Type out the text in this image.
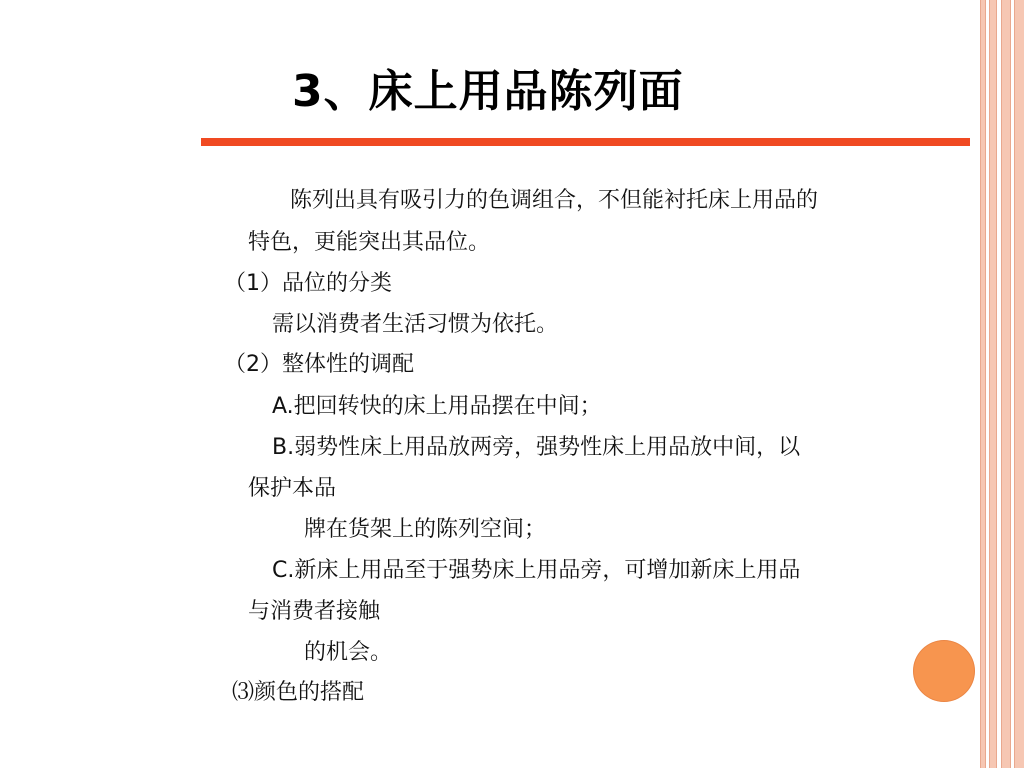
3、床上用品陈列面
陈列出具有吸引力的色调组合，不但能衬托床上用品的
特色，更能突出其品位。
（1）品位的分类
需以消费者生活习惯为依托。
（2）整体性的调配
A.把回转快的床上用品摆在中间；
B.弱势性床上用品放两旁，强势性床上用品放中间，以
保护本品
牌在货架上的陈列空间；
C.新床上用品至于强势床上用品旁，可增加新床上用品
与消费者接触
的机会。
⑶颜色的搭配
